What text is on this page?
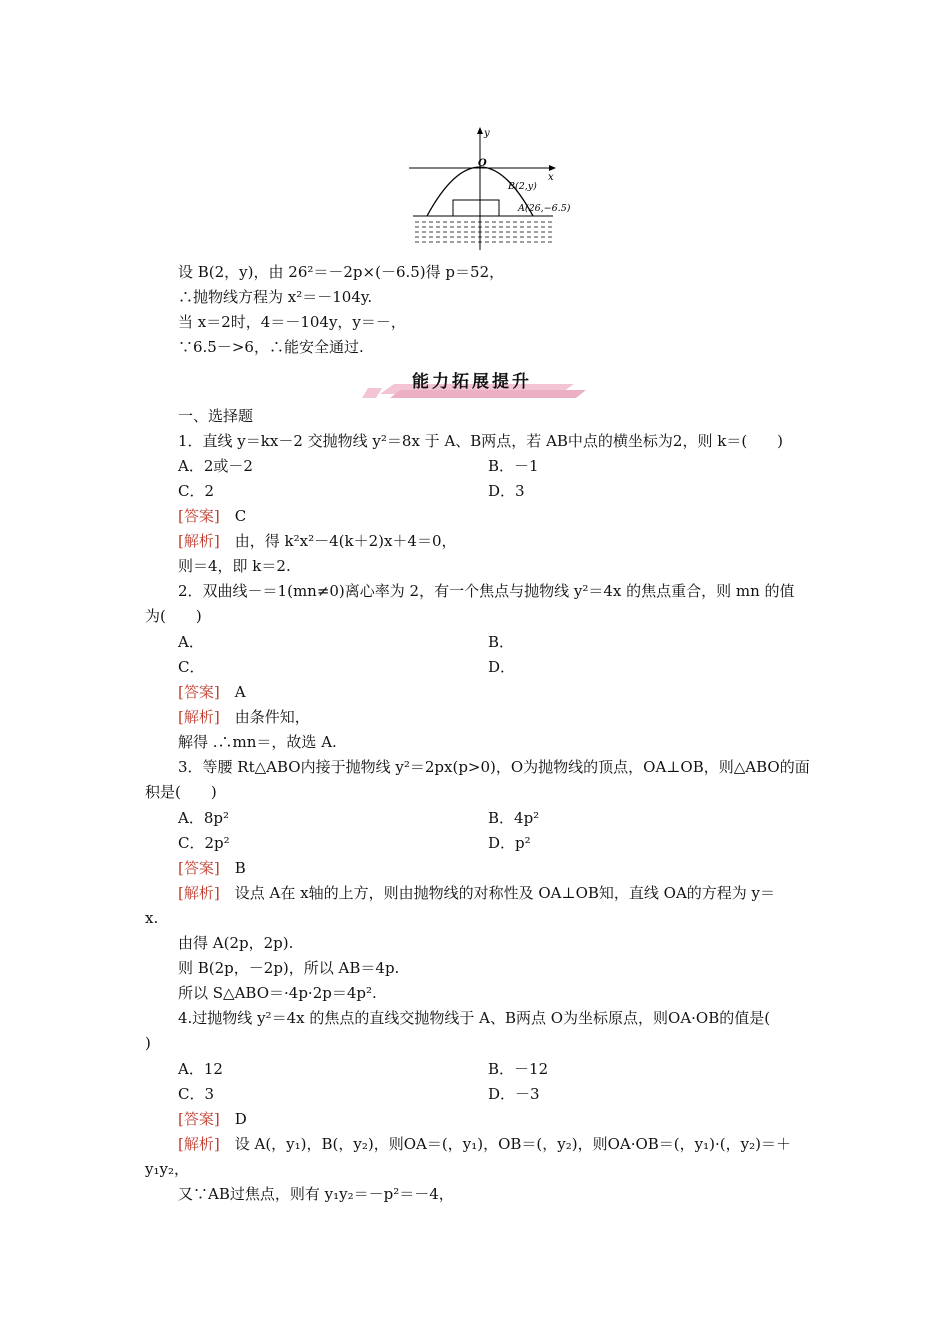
y
x
O
B(2,y)
A(26,−6.5)
设 B(2，y)，由 26²＝－2p×(－6.5)得 p＝52，
∴抛物线方程为 x²＝－104y.
当 x＝2时，4＝－104y，y＝－，
∵6.5－>6，∴能安全通过.
能力拓展提升
一、选择题
1．直线 y＝kx－2 交抛物线 y²＝8x 于 A、B两点，若 AB中点的横坐标为2，则 k＝(　　)
A．2或－2	B．－1
C．2	D．3
[答案]　 C
[解析]　 由，得 k²x²－4(k＋2)x＋4＝0，
则＝4，即 k＝2.
2．双曲线－＝1(mn≠0)离心率为 2，有一个焦点与抛物线 y²＝4x 的焦点重合，则 mn 的值
为(　　)
A．	B．
C．	D．
[答案]　 A
[解析]　 由条件知，
解得 .∴mn＝，故选 A.
3．等腰 Rt△ABO内接于抛物线 y²＝2px(p>0)，O为抛物线的顶点，OA⊥OB，则△ABO的面
积是(　　)
A．8p²	B．4p²
C．2p²	D．p²
[答案]　 B
[解析]　 设点 A在 x轴的上方，则由抛物线的对称性及 OA⊥OB知，直线 OA的方程为 y＝
x.
由得 A(2p，2p).
则 B(2p，－2p)，所以 AB＝4p.
所以 S△ABO＝·4p·2p＝4p².
4.过抛物线 y²＝4x 的焦点的直线交抛物线于 A、B两点 O为坐标原点，则OA·OB的值是(
)
A．12	B．－12
C．3	D．－3
[答案]　 D
[解析]　 设 A(，y₁)，B(，y₂)，则OA＝(，y₁)，OB＝(，y₂)，则OA·OB＝(，y₁)·(，y₂)＝＋
y₁y₂，
又∵AB过焦点，则有 y₁y₂＝－p²＝－4，
